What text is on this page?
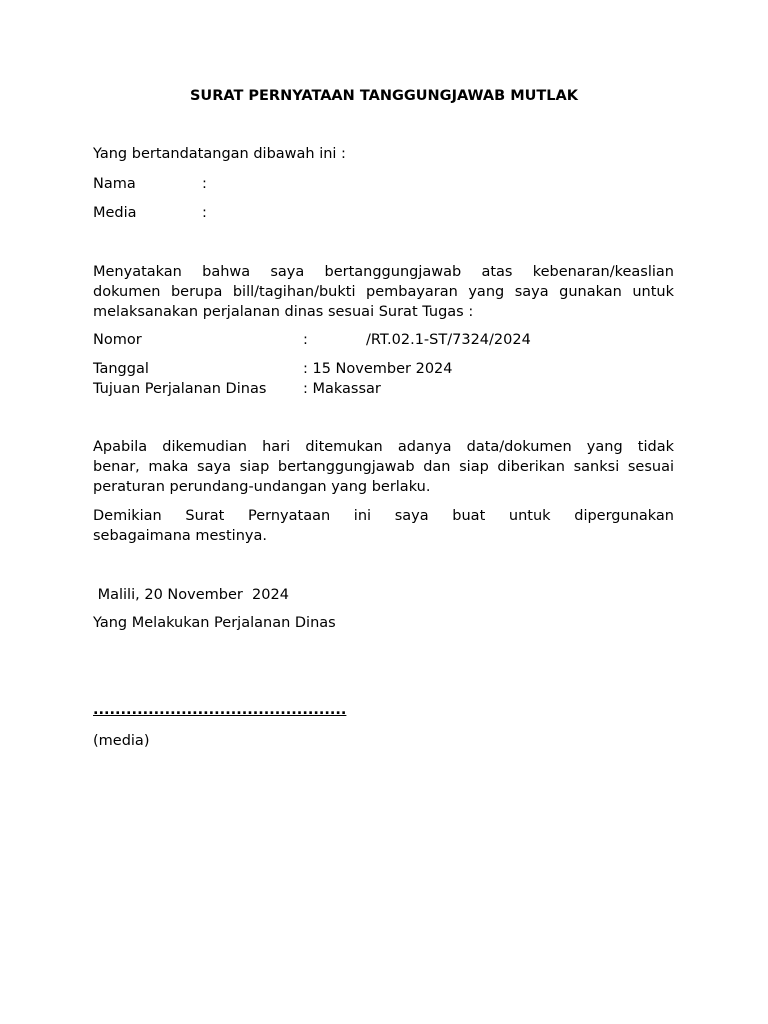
SURAT PERNYATAAN TANGGUNGJAWAB MUTLAK
Yang bertandatangan dibawah ini :
Nama	:
Media	:
Menyatakan bahwa saya bertanggungjawab atas kebenaran/keaslian
dokumen berupa bill/tagihan/bukti pembayaran yang saya gunakan untuk
melaksanakan perjalanan dinas sesuai Surat Tugas :
Nomor	:	/RT.02.1-ST/7324/2024
Tanggal	: 15 November 2024
Tujuan Perjalanan Dinas	: Makassar
Apabila dikemudian hari ditemukan adanya data/dokumen yang tidak
benar, maka saya siap bertanggungjawab dan siap diberikan sanksi sesuai
peraturan perundang-undangan yang berlaku.
Demikian Surat Pernyataan ini saya buat untuk dipergunakan
sebagaimana mestinya.
Malili, 20 November  2024
Yang Melakukan Perjalanan Dinas
..............................................
(media)
